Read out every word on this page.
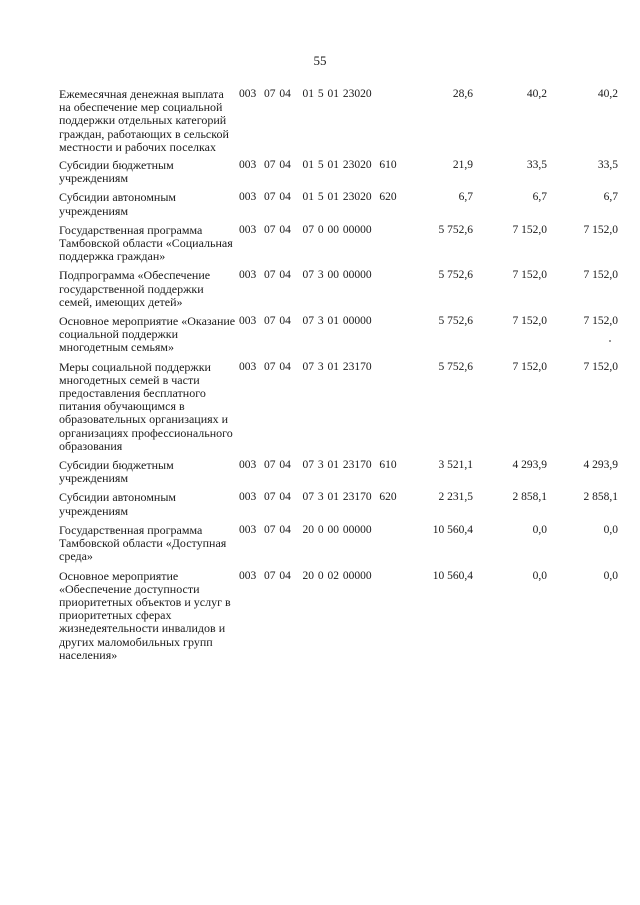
55
Ежемесячная денежная выплата на обеспечение мер социальной поддержки отдельных категорий граждан, работающих в сельской местности и рабочих поселках
003  07 04   01 5 01 23020	28,6	40,2	40,2
Субсидии бюджетным учреждениям
003  07 04   01 5 01 23020  610	21,9	33,5	33,5
Субсидии автономным учреждениям
003  07 04   01 5 01 23020  620	6,7	6,7	6,7
Государственная программа Тамбовской области «Социальная поддержка граждан»
003  07 04   07 0 00 00000	5 752,6	7 152,0	7 152,0
Подпрограмма «Обеспечение государственной поддержки семей, имеющих детей»
003  07 04   07 3 00 00000	5 752,6	7 152,0	7 152,0
Основное мероприятие «Оказание социальной поддержки многодетным семьям»
003  07 04   07 3 01 00000	5 752,6	7 152,0	7 152,0
Меры социальной поддержки многодетных семей в части предоставления бесплатного питания обучающимся в образовательных организациях и организациях профессионального образования
003  07 04   07 3 01 23170	5 752,6	7 152,0	7 152,0
Субсидии бюджетным учреждениям
003  07 04   07 3 01 23170  610	3 521,1	4 293,9	4 293,9
Субсидии автономным учреждениям
003  07 04   07 3 01 23170  620	2 231,5	2 858,1	2 858,1
Государственная программа Тамбовской области «Доступная среда»
003  07 04   20 0 00 00000	10 560,4	0,0	0,0
Основное мероприятие «Обеспечение доступности приоритетных объектов и услуг в приоритетных сферах жизнедеятельности инвалидов и других маломобильных групп населения»
003  07 04   20 0 02 00000	10 560,4	0,0	0,0
